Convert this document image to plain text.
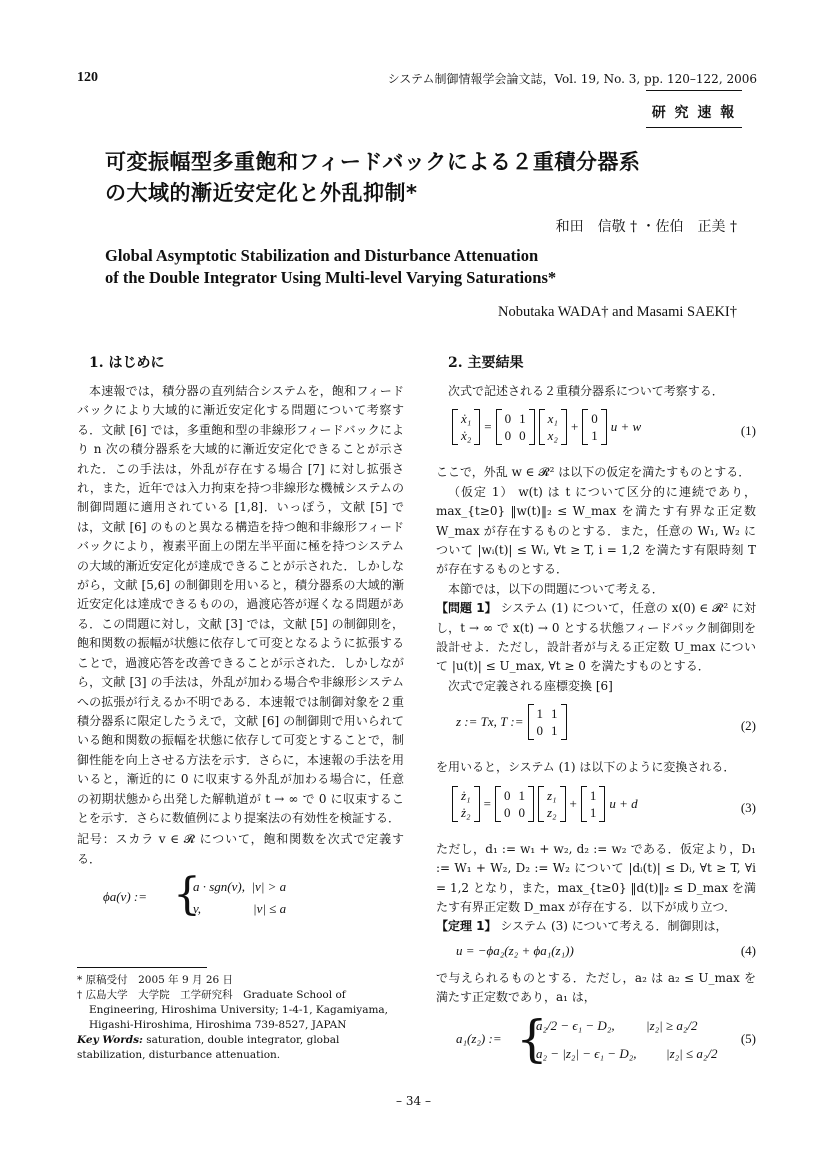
120	システム制御情報学会論文誌，Vol. 19, No. 3, pp. 120–122, 2006
研 究 速 報
可変振幅型多重飽和フィードバックによる２重積分器系
の大域的漸近安定化と外乱抑制*
和田　信敬 † ・佐伯　正美 †
Global Asymptotic Stabilization and Disturbance Attenuation
of the Double Integrator Using Multi-level Varying Saturations*
Nobutaka WADA† and Masami SAEKI†
1. はじめに

本速報では，積分器の直列結合システムを，飽和フィードバックにより大域的に漸近安定化する問題について考察する．文献 [6] では，多重飽和型の非線形フィードバックにより n 次の積分器系を大域的に漸近安定化できることが示された．この手法は，外乱が存在する場合 [7] に対し拡張され，また，近年では入力拘束を持つ非線形な機械システムの制御問題に適用されている [1,8]．いっぽう，文献 [5] では，文献 [6] のものと異なる構造を持つ飽和非線形フィードバックにより，複素平面上の閉左半平面に極を持つシステムの大域的漸近安定化が達成できることが示された．しかしながら，文献 [5,6] の制御則を用いると，積分器系の大域的漸近安定化は達成できるものの，過渡応答が遅くなる問題がある．この問題に対し，文献 [3] では，文献 [5] の制御則を，飽和関数の振幅が状態に依存して可変となるように拡張することで，過渡応答を改善できることが示された．しかしながら，文献 [3] の手法は，外乱が加わる場合や非線形システムへの拡張が行えるか不明である．本速報では制御対象を２重積分器系に限定したうえで，文献 [6] の制御則で用いられている飽和関数の振幅を状態に依存して可変とすることで，制御性能を向上させる方法を示す．さらに，本速報の手法を用いると，漸近的に 0 に収束する外乱が加わる場合に，任意の初期状態から出発した解軌道が t → ∞ で 0 に収束することを示す．さらに数値例により提案法の有効性を検証する．

記号：スカラ v ∈ 𝓡 について，飽和関数を次式で定義する．

ϕa(v) := {
a · sgn(v),  |v| > a
v,                |v| ≤ a
* 原稿受付　2005 年 9 月 26 日
† 広島大学　大学院　工学研究科　Graduate School of Engineering, Hiroshima University; 1-4-1, Kagamiyama, Higashi-Hiroshima, Hiroshima 739-8527, JAPAN
Key Words: saturation, double integrator, global stabilization, disturbance attenuation.
2. 主要結果

次式で記述される２重積分器系について考察する．

ẋ₁
ẋ₂
=
0 1
0 0
x₁
x₂
+
0
1
u + w	(1)

ここで，外乱 w ∈ 𝓡² は以下の仮定を満たすものとする．

（仮定 1） w(t) は t について区分的に連続であり，max_{t≥0} ‖w(t)‖₂ ≤ W_max を満たす有界な正定数 W_max が存在するものとする．また，任意の W₁, W₂ について |wᵢ(t)| ≤ Wᵢ, ∀t ≥ T, i = 1,2 を満たす有限時刻 T が存在するものとする．

本節では，以下の問題について考える．

【問題 1】 システム (1) について，任意の x(0) ∈ 𝓡² に対し，t → ∞ で x(t) → 0 とする状態フィードバック制御則を設計せよ．ただし，設計者が与える正定数 U_max について |u(t)| ≤ U_max, ∀t ≥ 0 を満たすものとする．

次式で定義される座標変換 [6]

z := Tx, T :=
1 1
0 1	(2)

を用いると，システム (1) は以下のように変換される．

ż₁
ż₂
=
0 1
0 0
z₁
z₂
+
1
1
u + d	(3)

ただし，d₁ := w₁ + w₂, d₂ := w₂ である．仮定より，D₁ := W₁ + W₂, D₂ := W₂ について |dᵢ(t)| ≤ Dᵢ, ∀t ≥ T, ∀i = 1,2 となり，また，max_{t≥0} ‖d(t)‖₂ ≤ D_max を満たす有界正定数 D_max が存在する．以下が成り立つ．

【定理 1】 システム (3) について考える．制御則は，

u = −ϕa₂(z₂ + ϕa₁(z₁))	(4)

で与えられるものとする．ただし，a₂ は a₂ ≤ U_max を満たす正定数であり，a₁ は，

a₁(z₂) := {
a₂/2 − ϵ₁ − D₂, |z₂| ≥ a₂/2
a₂ − |z₂| − ϵ₁ − D₂, |z₂| ≤ a₂/2
(5)
– 34 –
